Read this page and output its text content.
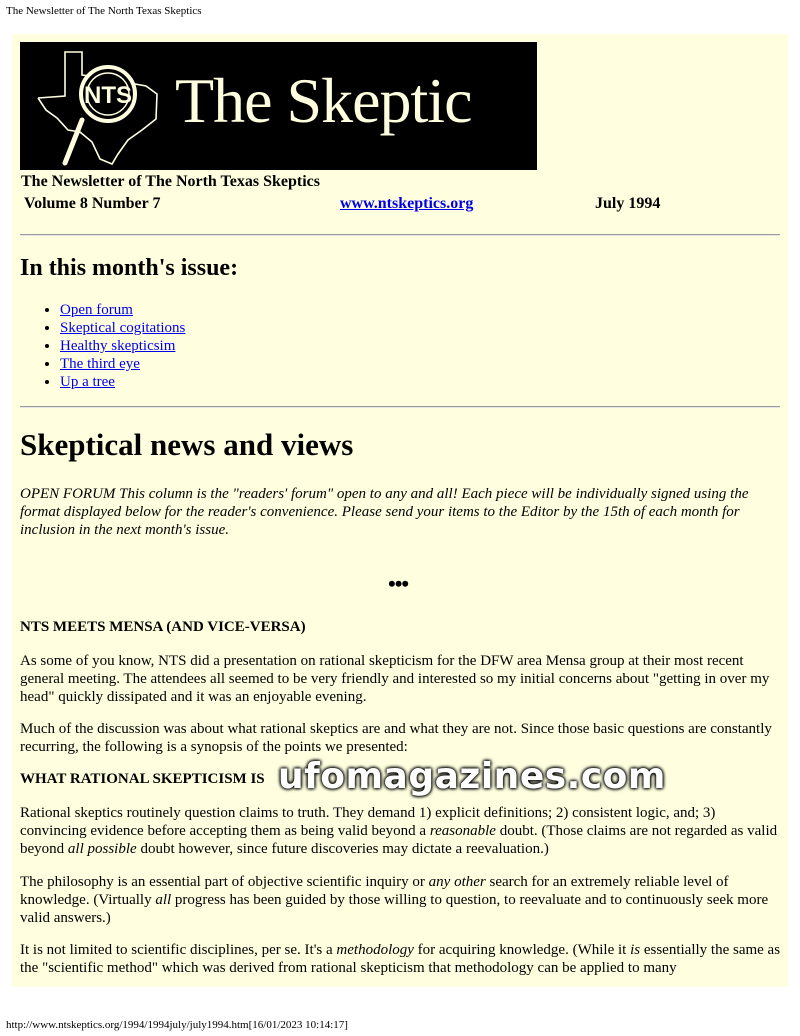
The Newsletter of The North Texas Skeptics
NTS The Skeptic
The Newsletter of The North Texas Skeptics
Volume 8 Number 7	www.ntskeptics.org	July 1994
In this month's issue:
• Open forum
• Skeptical cogitations
• Healthy skepticsim
• The third eye
• Up a tree
Skeptical news and views

OPEN FORUM This column is the "readers' forum" open to any and all! Each piece will be individually signed using the format displayed below for the reader's convenience. Please send your items to the Editor by the 15th of each month for inclusion in the next month's issue.

•••

NTS MEETS MENSA (AND VICE-VERSA)

As some of you know, NTS did a presentation on rational skepticism for the DFW area Mensa group at their most recent general meeting. The attendees all seemed to be very friendly and interested so my initial concerns about "getting in over my head" quickly dissipated and it was an enjoyable evening.

Much of the discussion was about what rational skeptics are and what they are not. Since those basic questions are constantly recurring, the following is a synopsis of the points we presented:

WHAT RATIONAL SKEPTICISM IS

Rational skeptics routinely question claims to truth. They demand 1) explicit definitions; 2) consistent logic, and; 3) convincing evidence before accepting them as being valid beyond a reasonable doubt. (Those claims are not regarded as valid beyond all possible doubt however, since future discoveries may dictate a reevaluation.)

The philosophy is an essential part of objective scientific inquiry or any other search for an extremely reliable level of knowledge. (Virtually all progress has been guided by those willing to question, to reevaluate and to continuously seek more valid answers.)

It is not limited to scientific disciplines, per se. It's a methodology for acquiring knowledge. (While it is essentially the same as the "scientific method" which was derived from rational skepticism that methodology can be applied to many

ufomagazines.com
http://www.ntskeptics.org/1994/1994july/july1994.htm[16/01/2023 10:14:17]
